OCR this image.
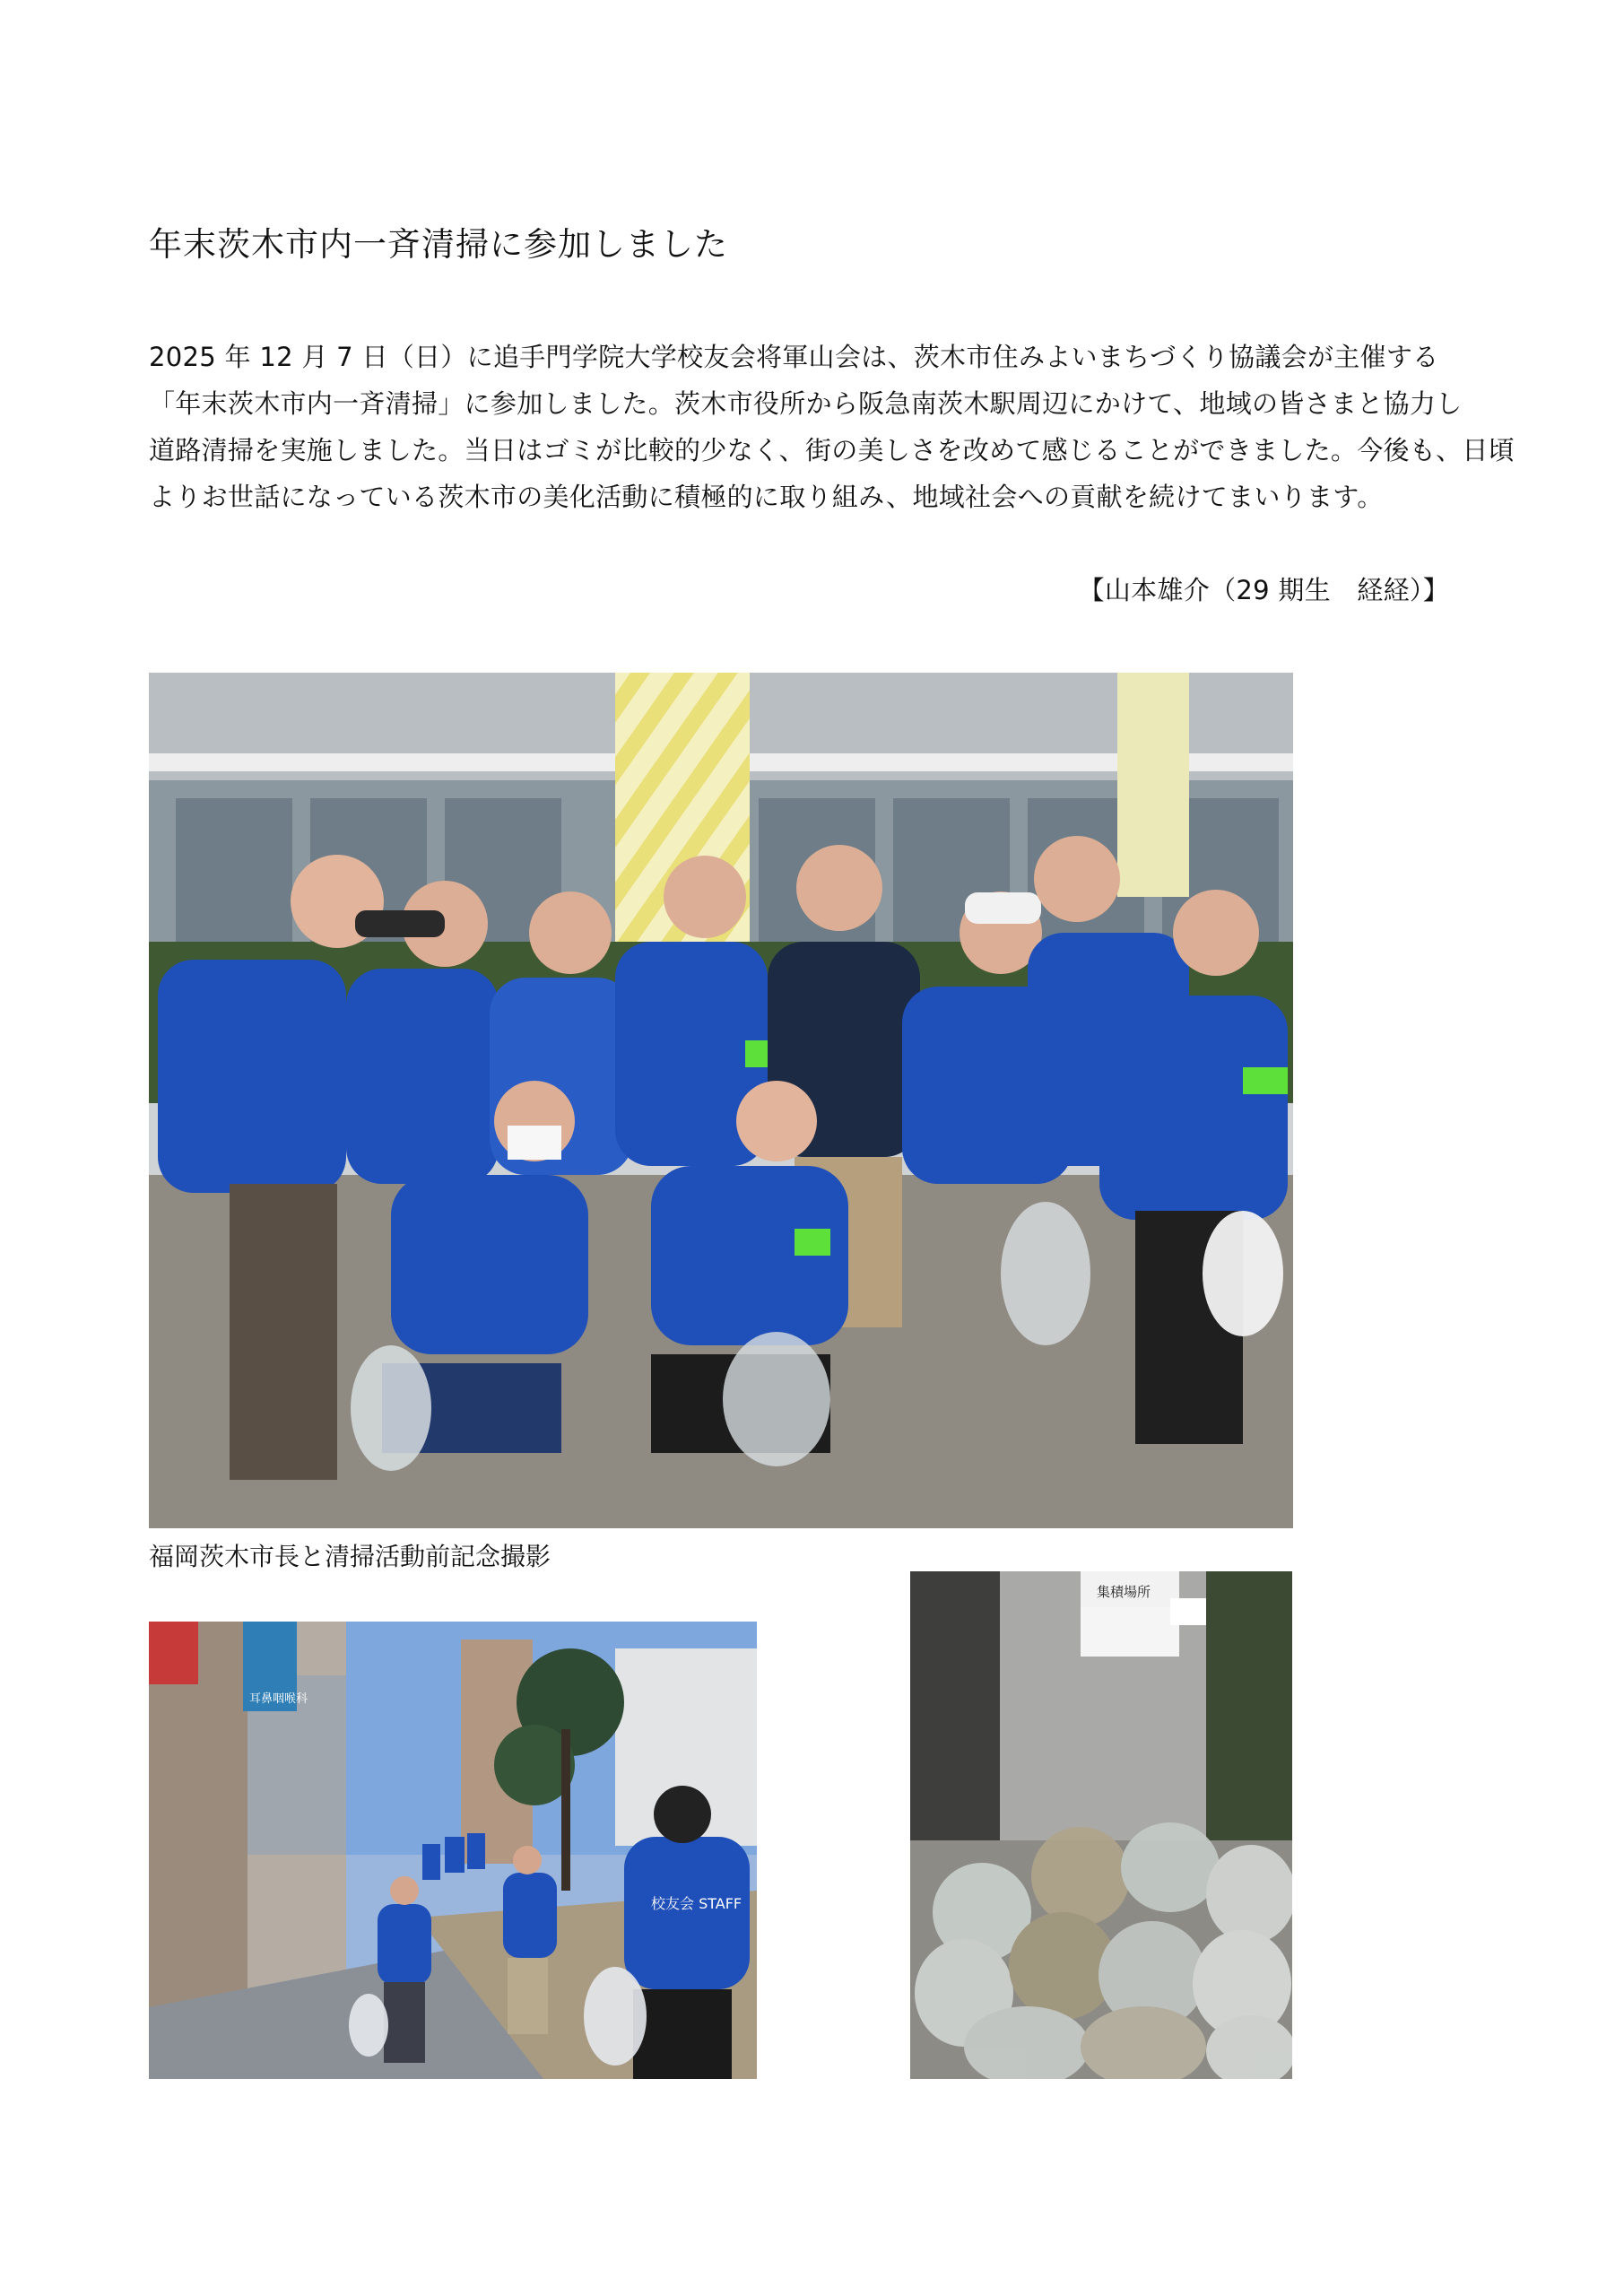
年末茨木市内一斉清掃に参加しました

2025 年 12 月 7 日（日）に追手門学院大学校友会将軍山会は、茨木市住みよいまちづくり協議会が主催する

「年末茨木市内一斉清掃」に参加しました。茨木市役所から阪急南茨木駅周辺にかけて、地域の皆さまと協力し

道路清掃を実施しました。当日はゴミが比較的少なく、街の美しさを改めて感じることができました。今後も、日頃

よりお世話になっている茨木市の美化活動に積極的に取り組み、地域社会への貢献を続けてまいります。

【山本雄介（29 期生　経経）】
福岡茨木市長と清掃活動前記念撮影
耳鼻咽喉科
校友会 STAFF
集積場所
